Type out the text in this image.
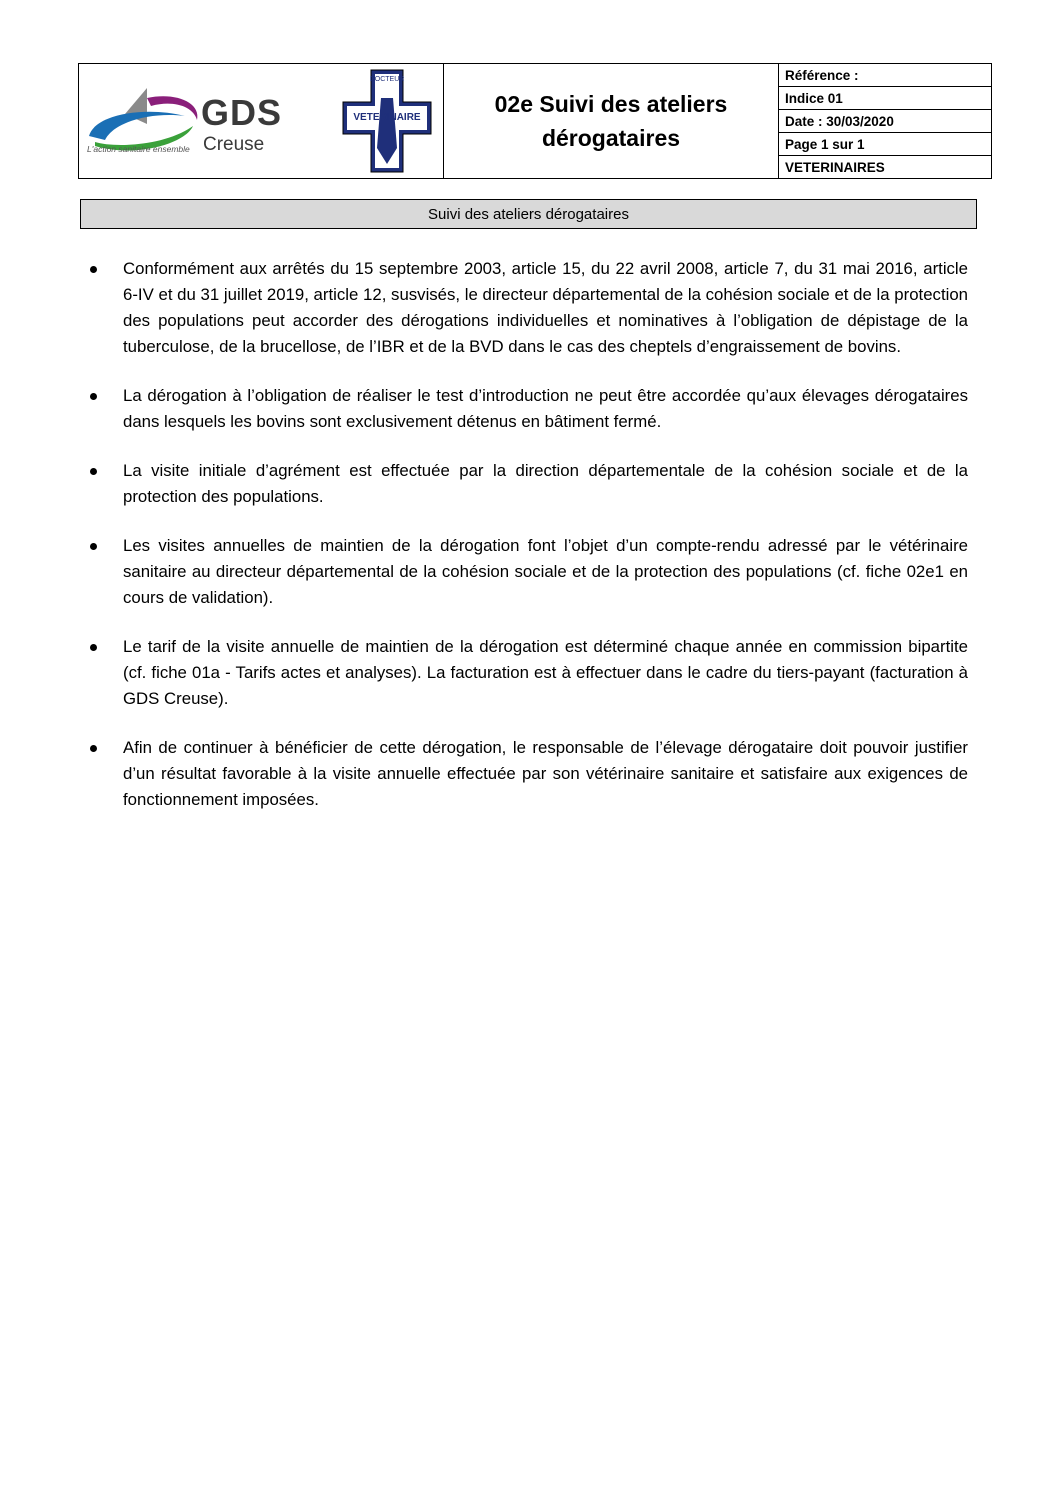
GDS
Creuse
L'action sanitaire ensemble
DOCTEUR
VETERINAIRE
02e Suivi des ateliers dérogataires
Référence :
Indice 01
Date : 30/03/2020
Page 1 sur 1
VETERINAIRES
Suivi des ateliers dérogataires
Conformément aux arrêtés du 15 septembre 2003, article 15, du 22 avril 2008, article 7, du 31 mai 2016, article 6-IV et du 31 juillet 2019, article 12, susvisés, le directeur départemental de la cohésion sociale et de la protection des populations peut accorder des dérogations individuelles et nominatives à l’obligation de dépistage de la tuberculose, de la brucellose, de l’IBR et de la BVD dans le cas des cheptels d’engraissement de bovins.
La dérogation à l’obligation de réaliser le test d’introduction ne peut être accordée qu’aux élevages dérogataires dans lesquels les bovins sont exclusivement détenus en bâtiment fermé.
La visite initiale d’agrément est effectuée par la direction départementale de la cohésion sociale et de la protection des populations.
Les visites annuelles de maintien de la dérogation font l’objet d’un compte-rendu adressé par le vétérinaire sanitaire au directeur départemental de la cohésion sociale et de la protection des populations (cf. fiche 02e1 en cours de validation).
Le tarif de la visite annuelle de maintien de la dérogation est déterminé chaque année en commission bipartite (cf. fiche 01a - Tarifs actes et analyses). La facturation est à effectuer dans le cadre du tiers-payant (facturation à GDS Creuse).
Afin de continuer à bénéficier de cette dérogation, le responsable de l’élevage dérogataire doit pouvoir justifier d’un résultat favorable à la visite annuelle effectuée par son vétérinaire sanitaire et satisfaire aux exigences de fonctionnement imposées.
